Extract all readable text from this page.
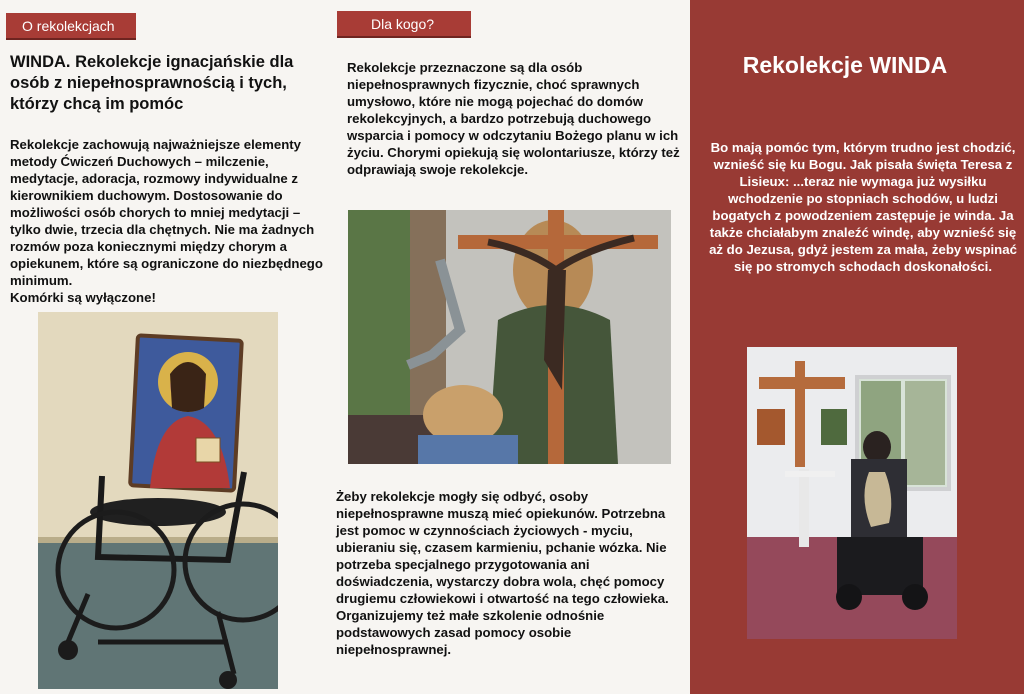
O rekolekcjach
WINDA. Rekolekcje ignacjańskie dla osób z niepełnosprawnością i tych, którzy chcą im pomóc
Rekolekcje zachowują najważniejsze elementy metody Ćwiczeń Duchowych – milczenie, medytacje, adoracja, rozmowy indywidualne z kierownikiem duchowym. Dostosowanie do możliwości osób chorych to mniej medytacji – tylko dwie, trzecia dla chętnych. Nie ma żadnych rozmów poza koniecznymi między chorym a opiekunem, które są ograniczone do niezbędnego minimum.
Komórki są wyłączone!
Dla kogo?
Rekolekcje przeznaczone są dla osób niepełnosprawnych fizycznie, choć sprawnych umysłowo, które nie mogą pojechać do domów rekolekcyjnych, a bardzo potrzebują duchowego wsparcia i pomocy w odczytaniu Bożego planu w ich życiu. Chorymi opiekują się wolontariusze, którzy też odprawiają swoje rekolekcje.
Żeby rekolekcje mogły się odbyć, osoby niepełnosprawne muszą mieć opiekunów. Potrzebna jest pomoc w czynnościach życiowych - myciu, ubieraniu się, czasem karmieniu, pchanie wózka. Nie potrzeba specjalnego przygotowania ani doświadczenia, wystarczy dobra wola, chęć pomocy drugiemu człowiekowi i otwartość na tego człowieka. Organizujemy też małe szkolenie odnośnie podstawowych zasad pomocy osobie niepełnosprawnej.
Rekolekcje WINDA
Bo mają pomóc tym, którym trudno jest chodzić, wznieść się ku Bogu. Jak pisała święta Teresa z Lisieux: ...teraz nie wymaga już wysiłku wchodzenie po stopniach schodów, u ludzi bogatych z powodzeniem zastępuje je winda. Ja także chciałabym znaleźć windę, aby wznieść się aż do Jezusa, gdyż jestem za mała, żeby wspinać się po stromych schodach doskonałości.
